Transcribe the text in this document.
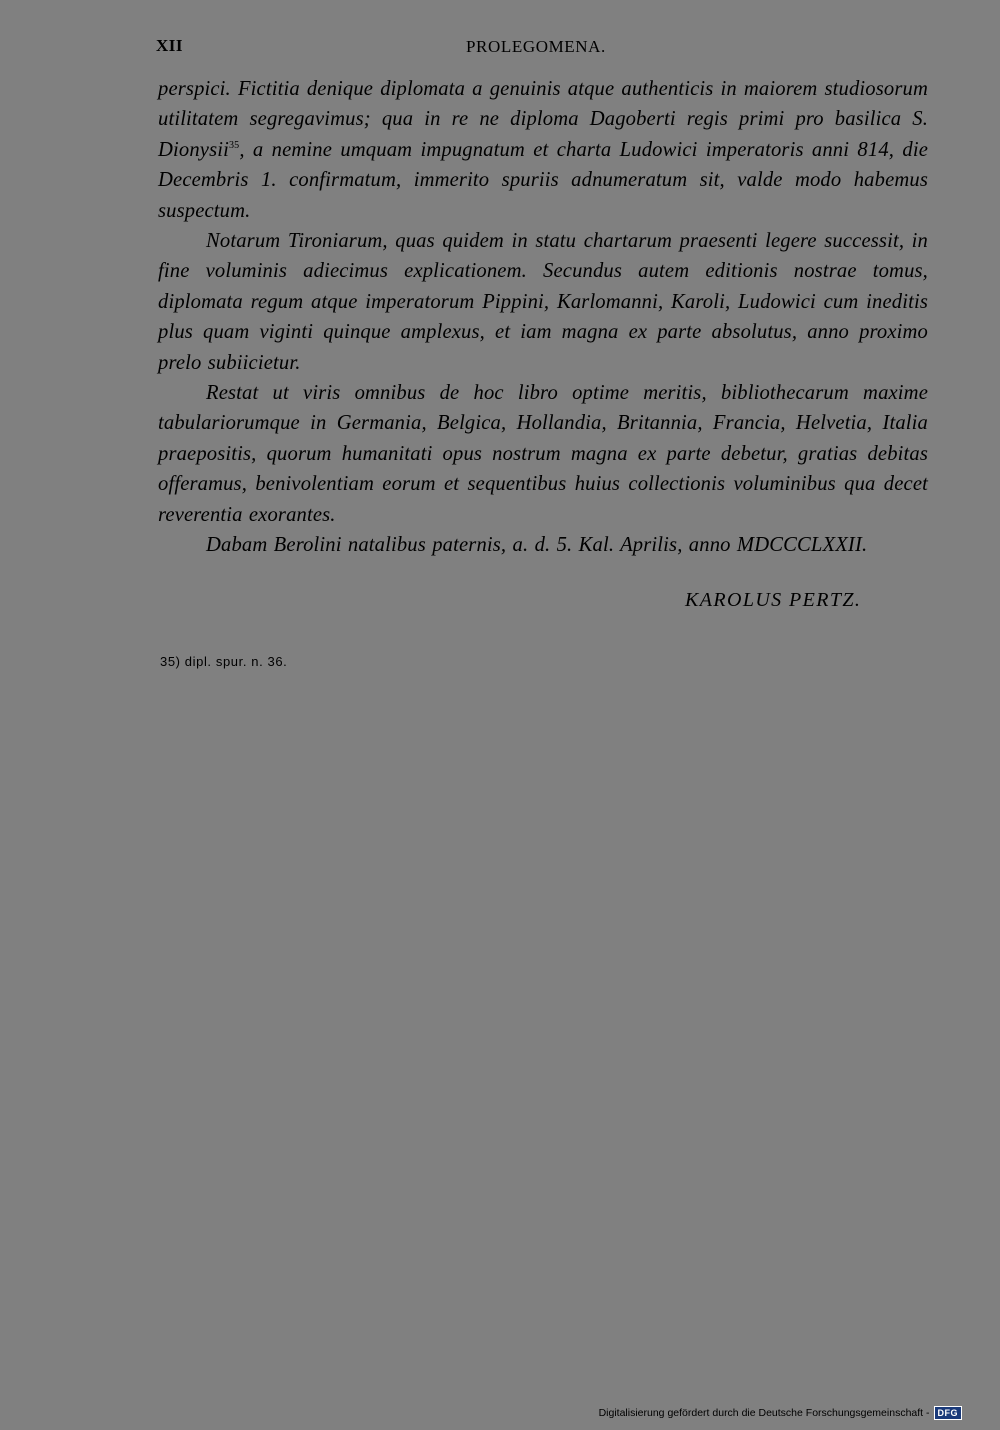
XII	PROLEGOMENA.

perspici. Fictitia denique diplomata a genuinis atque authenticis in maiorem studiosorum utilitatem segregavimus; qua in re ne diploma Dagoberti regis primi pro basilica S. Dionysii$^{35}$, a nemine umquam impugnatum et charta Ludowici imperatoris anni 814, die Decembris 1. confirmatum, immerito spuriis adnumeratum sit, valde modo habemus suspectum.

Notarum Tironiarum, quas quidem in statu chartarum praesenti legere successit, in fine voluminis adiecimus explicationem. Secundus autem editionis nostrae tomus, diplomata regum atque imperatorum Pippini, Karlomanni, Karoli, Ludowici cum ineditis plus quam viginti quinque amplexus, et iam magna ex parte absolutus, anno proximo prelo subiicietur.

Restat ut viris omnibus de hoc libro optime meritis, bibliothecarum maxime tabulariorumque in Germania, Belgica, Hollandia, Britannia, Francia, Helvetia, Italia praepositis, quorum humanitati opus nostrum magna ex parte debetur, gratias debitas offeramus, benivolentiam eorum et sequentibus huius collectionis voluminibus qua decet reverentia exorantes.

Dabam Berolini natalibus paternis, a. d. 5. Kal. Aprilis, anno MDCCCLXXII.

KAROLUS PERTZ.
35) dipl. spur. n. 36.
Digitalisierung gefördert durch die Deutsche Forschungsgemeinschaft - DFG
